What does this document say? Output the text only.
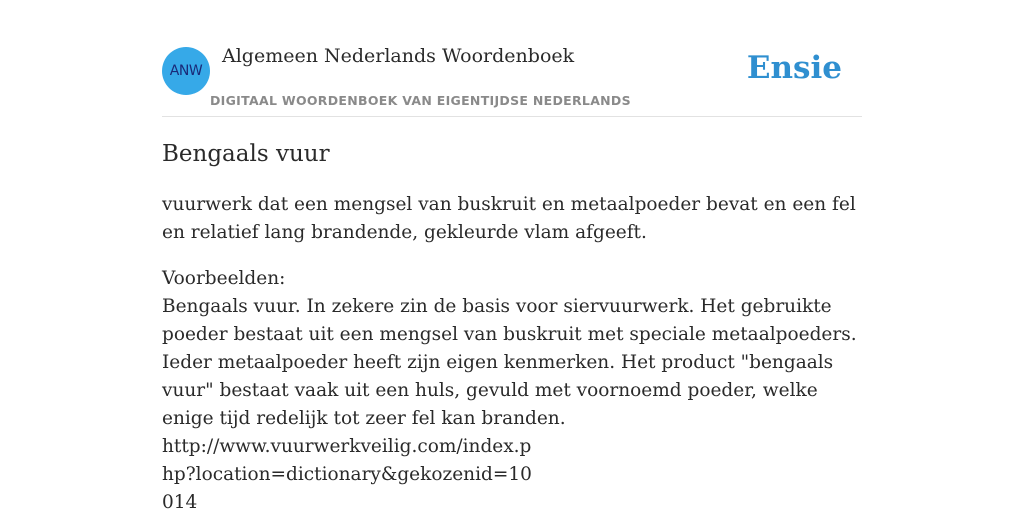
ANW
Algemeen Nederlands Woordenboek
DIGITAAL WOORDENBOEK VAN EIGENTIJDSE NEDERLANDS
Ensie
Bengaals vuur

vuurwerk dat een mengsel van buskruit en metaalpoeder bevat en een fel en relatief lang brandende, gekleurde vlam afgeeft.

Voorbeelden:
Bengaals vuur. In zekere zin de basis voor siervuurwerk. Het gebruikte poeder bestaat uit een mengsel van buskruit met speciale metaalpoeders. Ieder metaalpoeder heeft zijn eigen kenmerken. Het product "bengaals vuur" bestaat vaak uit een huls, gevuld met voornoemd poeder, welke enige tijd redelijk tot zeer fel kan branden.
http://www.vuurwerkveilig.com/index.php?location=dictionary&gekozenid=10014
